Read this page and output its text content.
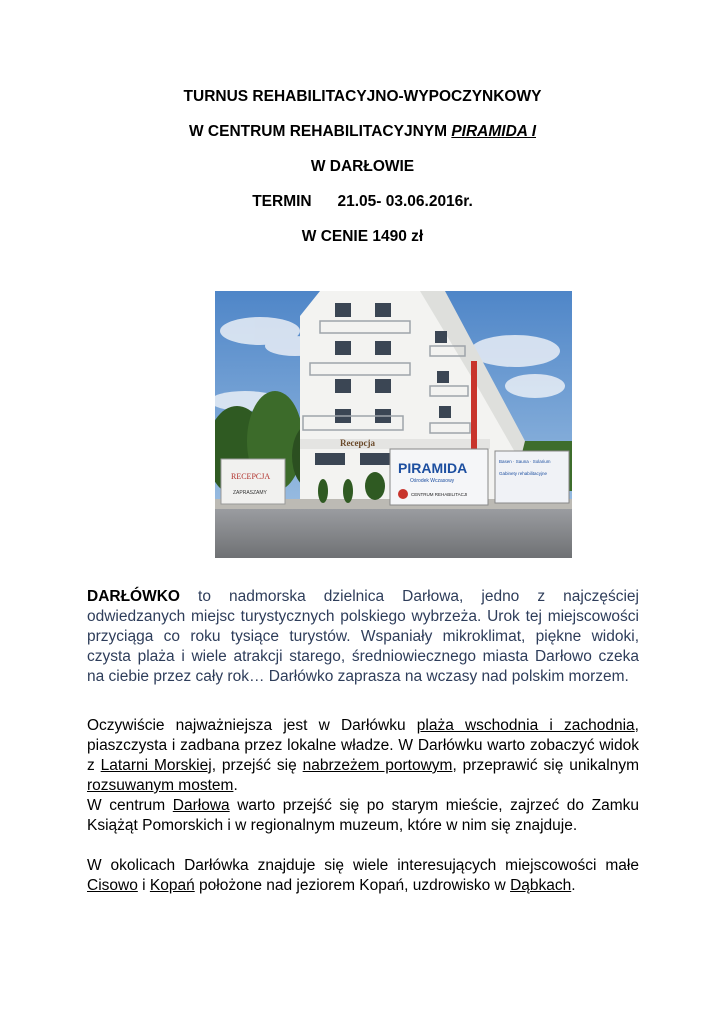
TURNUS REHABILITACYJNO-WYPOCZYNKOWY
W CENTRUM REHABILITACYJNYM PIRAMIDA I
W DARŁOWIE
TERMIN 21.05- 03.06.2016r.
W CENIE 1490 zł
Recepcja
RECEPCJA
ZAPRASZAMY
PIRAMIDA
Ośrodek Wczasowy
CENTRUM REHABILITACJI
Basen · Sauna · Solarium
Gabinety rehabilitacyjne

DARŁÓWKO to nadmorska dzielnica Darłowa, jedno z najczęściej odwiedzanych miejsc turystycznych polskiego wybrzeża. Urok tej miejscowości przyciąga co roku tysiące turystów. Wspaniały mikroklimat, piękne widoki, czysta plaża i wiele atrakcji starego, średniowiecznego miasta Darłowo czeka na ciebie przez cały rok… Darłówko zaprasza na wczasy nad polskim morzem.

Oczywiście najważniejsza jest w Darłówku plaża wschodnia i zachodnia, piaszczysta i zadbana przez lokalne władze. W Darłówku warto zobaczyć widok z Latarni Morskiej, przejść się nabrzeżem portowym, przeprawić się unikalnym rozsuwanym mostem.

W centrum Darłowa warto przejść się po starym mieście, zajrzeć do Zamku Książąt Pomorskich i w regionalnym muzeum, które w nim się znajduje.

W okolicach Darłówka znajduje się wiele interesujących miejscowości małe Cisowo i Kopań położone nad jeziorem Kopań, uzdrowisko w Dąbkach.
